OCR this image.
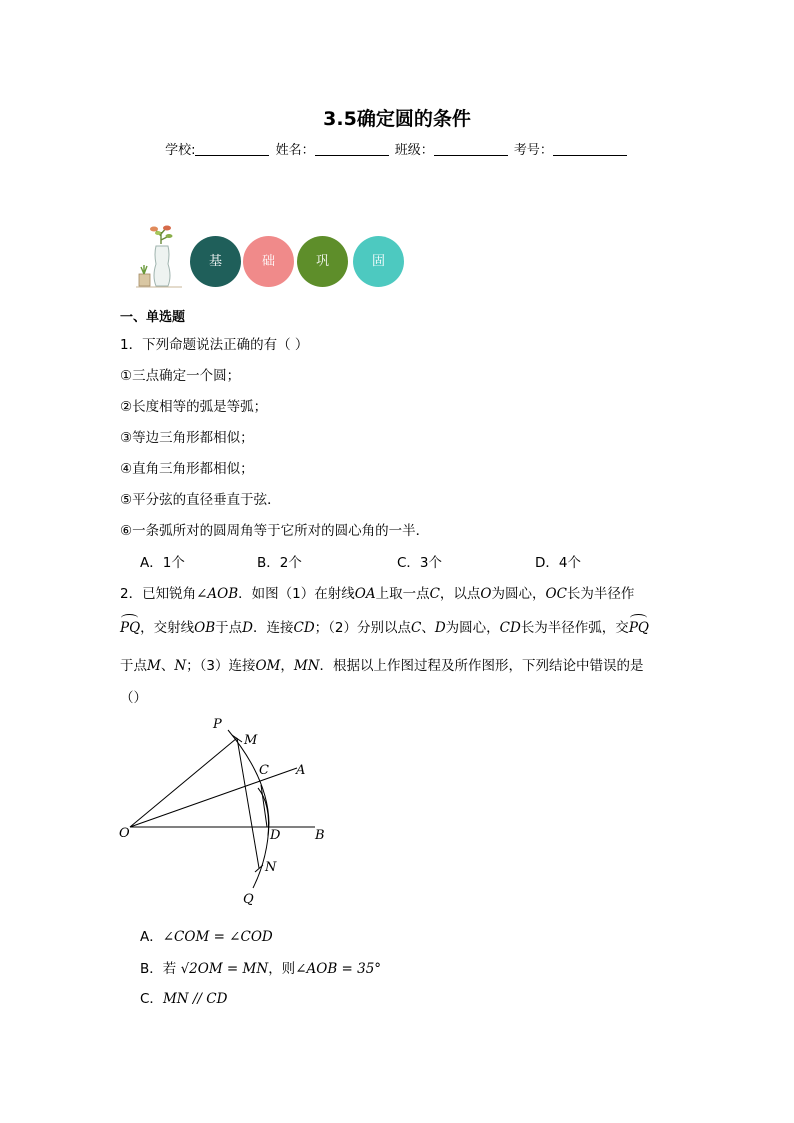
3.5确定圆的条件
学校:	姓名：	班级：	考号：
基	础	巩	固
一、单选题
1．下列命题说法正确的有（ ）
①三点确定一个圆；
②长度相等的弧是等弧；
③等边三角形都相似；
④直角三角形都相似；
⑤平分弦的直径垂直于弦．
⑥一条弧所对的圆周角等于它所对的圆心角的一半．
A．1个	B．2个	C．3个	D．4个
2．已知锐角∠AOB．如图（1）在射线OA上取一点C，以点O为圆心，OC长为半径作
PQ，交射线OB于点D．连接CD；（2）分别以点C、D为圆心，CD长为半径作弧，交
PQ
于点M、N；（3）连接OM，MN．根据以上作图过程及所作图形，下列结论中错误的是
（）
P
M
C A
O	D	B
N
Q
A．∠COM = ∠COD
B．若 √2OM = MN，则∠AOB = 35°
C．MN // CD
